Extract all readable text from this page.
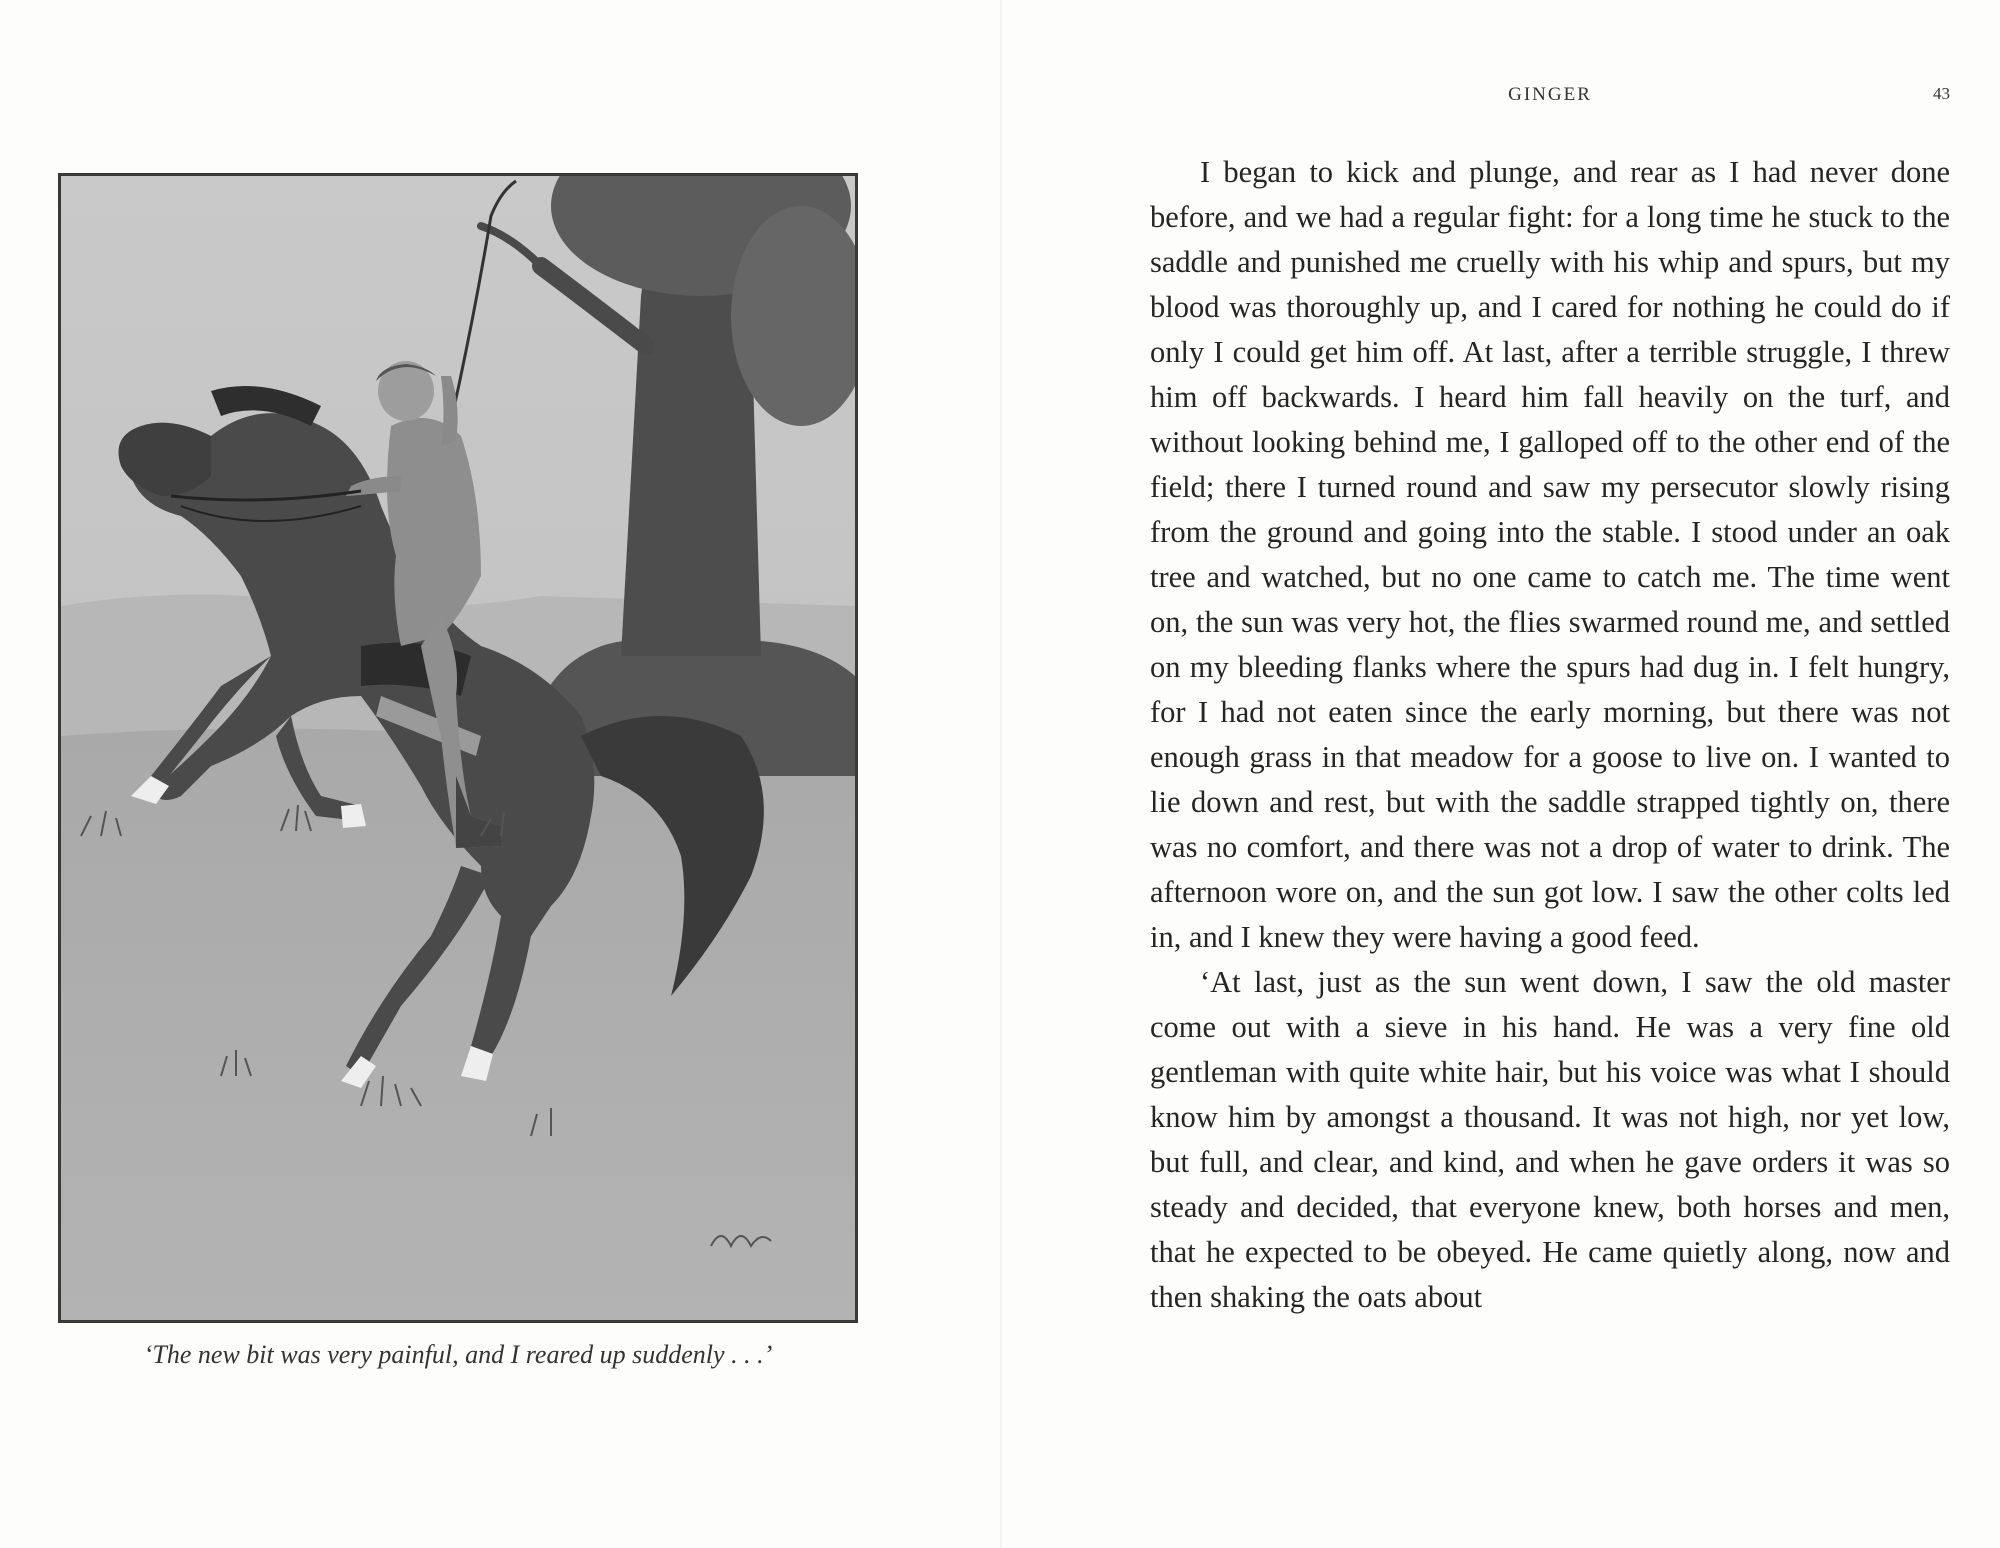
‘The new bit was very painful, and I reared up suddenly . . .’
GINGER	43

I began to kick and plunge, and rear as I had never done before, and we had a regular fight: for a long time he stuck to the saddle and punished me cruelly with his whip and spurs, but my blood was thoroughly up, and I cared for nothing he could do if only I could get him off. At last, after a terrible struggle, I threw him off backwards. I heard him fall heavily on the turf, and without looking behind me, I galloped off to the other end of the field; there I turned round and saw my persecutor slowly rising from the ground and going into the stable. I stood under an oak tree and watched, but no one came to catch me. The time went on, the sun was very hot, the flies swarmed round me, and settled on my bleeding flanks where the spurs had dug in. I felt hungry, for I had not eaten since the early morning, but there was not enough grass in that meadow for a goose to live on. I wanted to lie down and rest, but with the saddle strapped tightly on, there was no comfort, and there was not a drop of water to drink. The afternoon wore on, and the sun got low. I saw the other colts led in, and I knew they were having a good feed.

‘At last, just as the sun went down, I saw the old master come out with a sieve in his hand. He was a very fine old gentleman with quite white hair, but his voice was what I should know him by amongst a thousand. It was not high, nor yet low, but full, and clear, and kind, and when he gave orders it was so steady and decided, that everyone knew, both horses and men, that he expected to be obeyed. He came quietly along, now and then shaking the oats about
